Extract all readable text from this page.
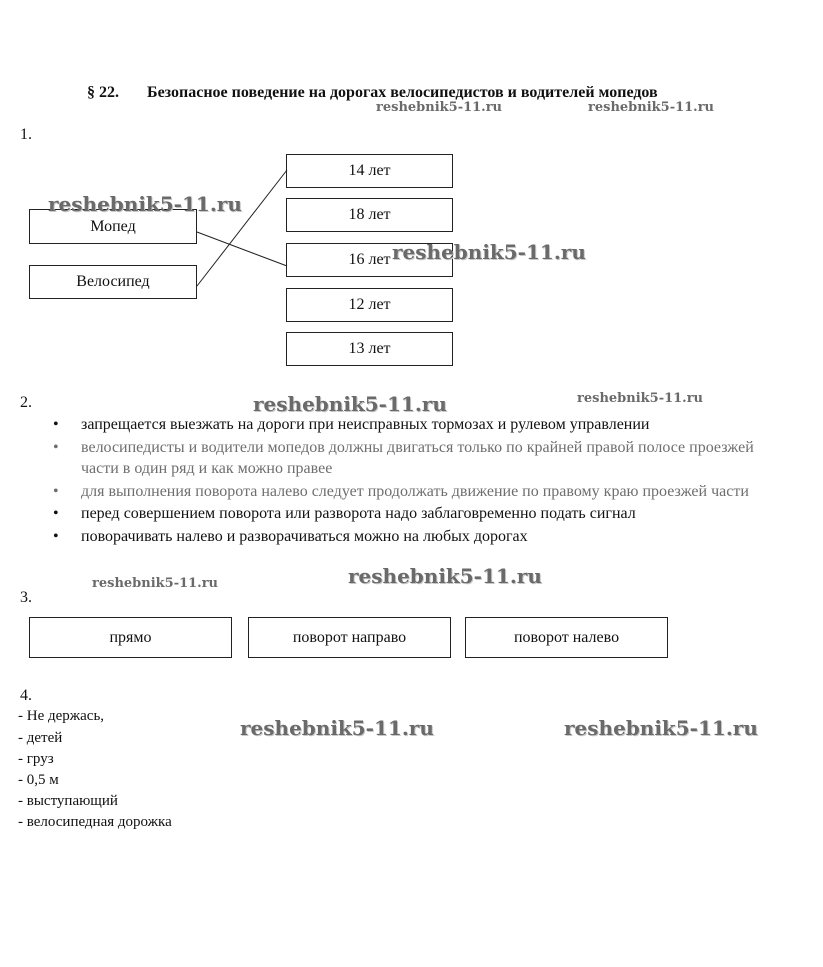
§ 22. Безопасное поведение на дорогах велосипедистов и водителей мопедов
1.
Мопед
Велосипед
14 лет
18 лет
16 лет
12 лет
13 лет
2.
• запрещается выезжать на дороги при неисправных тормозах и рулевом управлении
• велосипедисты и водители мопедов должны двигаться только по крайней правой полосе проезжей части в один ряд и как можно правее
• для выполнения поворота налево следует продолжать движение по правому краю проезжей части
• перед совершением поворота или разворота надо заблаговременно подать сигнал
• поворачивать налево и разворачиваться можно на любых дорогах
3.
прямо	поворот направо	поворот налево
4.
- Не держась,
- детей
- груз
- 0,5 м
- выступающий
- велосипедная дорожка
reshebnik5-11.ru	reshebnik5-11.ru
reshebnik5-11.ru
reshebnik5-11.ru
reshebnik5-11.ru	reshebnik5-11.ru
reshebnik5-11.ru	reshebnik5-11.ru
reshebnik5-11.ru	reshebnik5-11.ru
